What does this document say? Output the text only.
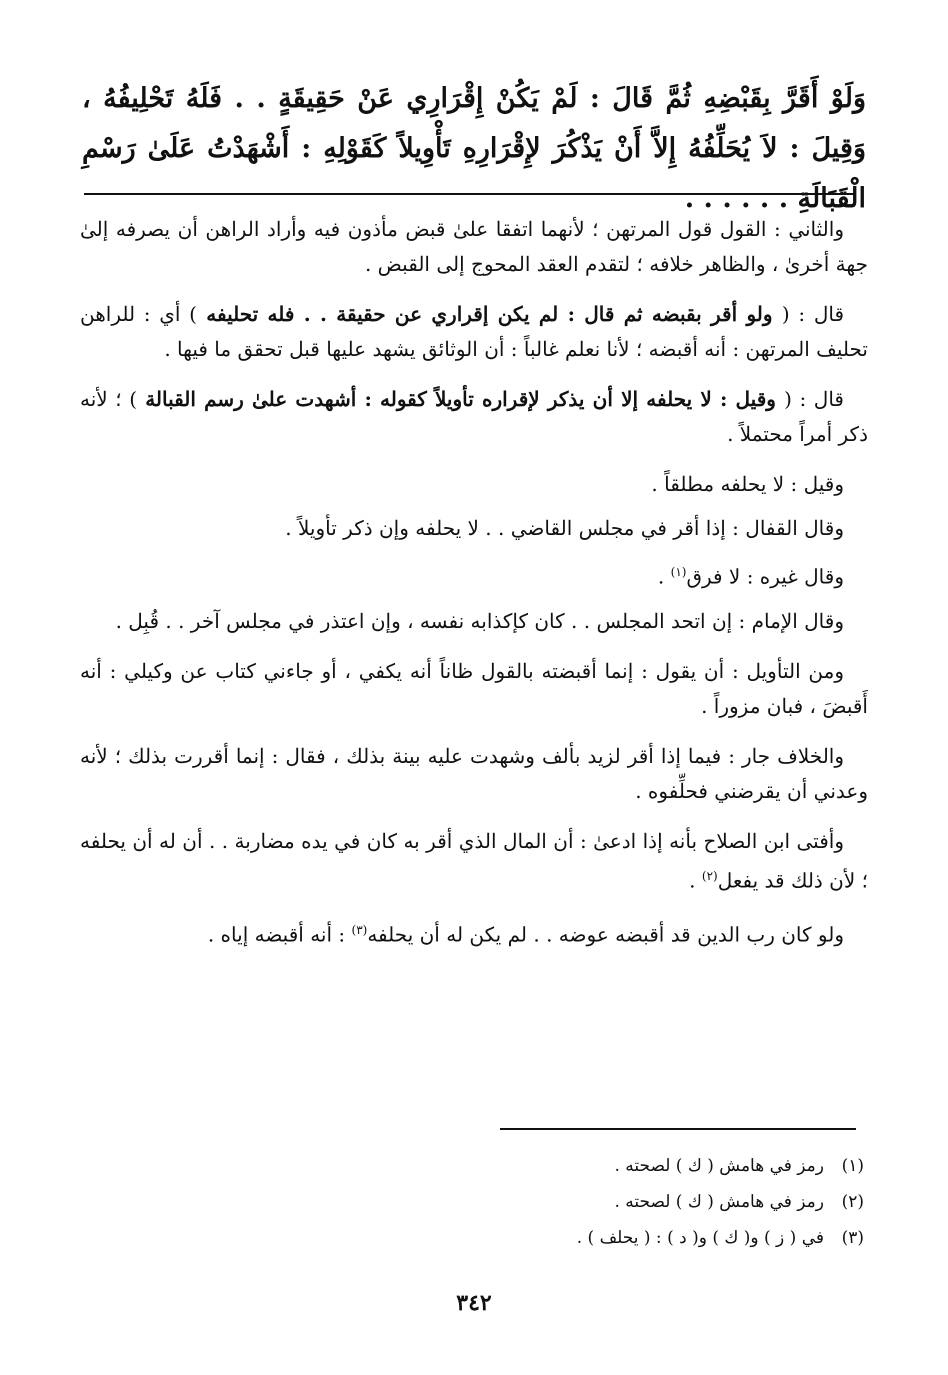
وَلَوْ أَقَرَّ بِقَبْضِهِ ثُمَّ قَالَ : لَمْ يَكُنْ إِقْرَارِي عَنْ حَقِيقَةٍ . . فَلَهُ تَحْلِيفُهُ ، وَقِيلَ : لاَ يُحَلِّفُهُ إِلاَّ أَنْ يَذْكُرَ لإِقْرَارِهِ تَأْوِيلاً كَقَوْلِهِ : أَشْهَدْتُ عَلَىٰ رَسْمِ الْقَبَالَةِ . . . . . .

والثاني : القول قول المرتهن ؛ لأنهما اتفقا علىٰ قبض مأذون فيه وأراد الراهن أن يصرفه إلىٰ جهة أخرىٰ ، والظاهر خلافه ؛ لتقدم العقد المحوج إلى القبض .

قال : ( ولو أقر بقبضه ثم قال : لم يكن إقراري عن حقيقة . . فله تحليفه ) أي : للراهن تحليف المرتهن : أنه أقبضه ؛ لأنا نعلم غالباً : أن الوثائق يشهد عليها قبل تحقق ما فيها .

قال : ( وقيل : لا يحلفه إلا أن يذكر لإقراره تأويلاً كقوله : أشهدت علىٰ رسم القبالة ) ؛ لأنه ذكر أمراً محتملاً .

وقيل : لا يحلفه مطلقاً .

وقال القفال : إذا أقر في مجلس القاضي . . لا يحلفه وإن ذكر تأويلاً .

وقال غيره : لا فرق$^{(١)}$ .

وقال الإمام : إن اتحد المجلس . . كان كإكذابه نفسه ، وإن اعتذر في مجلس آخر . . قُبِل .

ومن التأويل : أن يقول : إنما أقبضته بالقول ظاناً أنه يكفي ، أو جاءني كتاب عن وكيلي : أنه أَقبضَ ، فبان مزوراً .

والخلاف جار : فيما إذا أقر لزيد بألف وشهدت عليه بينة بذلك ، فقال : إنما أقررت بذلك ؛ لأنه وعدني أن يقرضني فحلِّفوه .

وأفتى ابن الصلاح بأنه إذا ادعىٰ : أن المال الذي أقر به كان في يده مضاربة . . أن له أن يحلفه ؛ لأن ذلك قد يفعل$^{(٢)}$ .

ولو كان رب الدين قد أقبضه عوضه . . لم يكن له أن يحلفه$^{(٣)}$ : أنه أقبضه إياه .

(١)رمز في هامش ( ك ) لصحته .
(٢)رمز في هامش ( ك ) لصحته .
(٣)في ( ز ) و( ك ) و( د ) : ( يحلف ) .
٣٤٢
